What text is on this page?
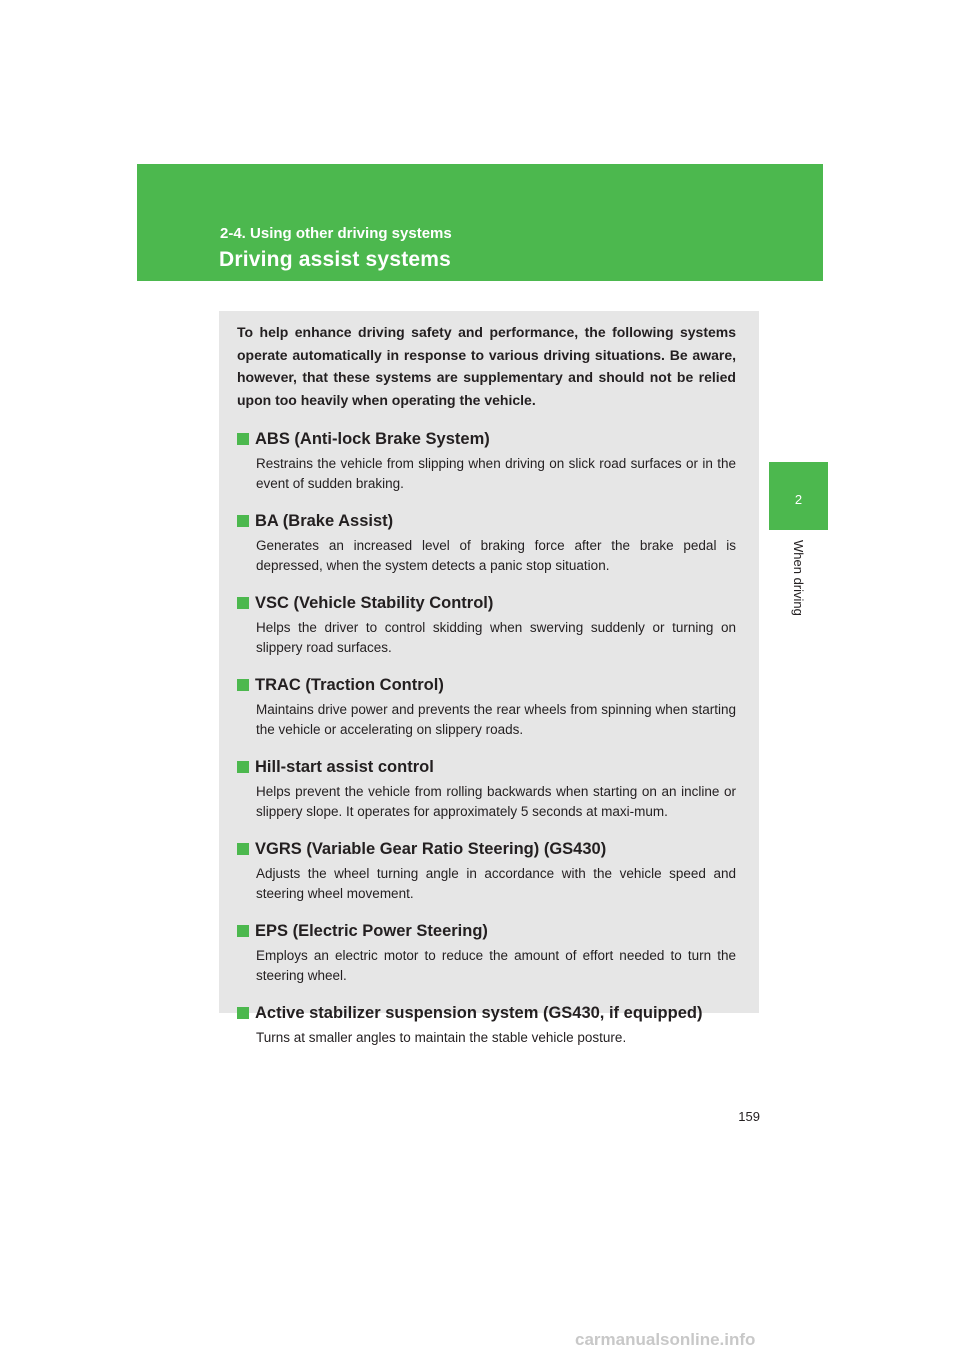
2-4. Using other driving systems
Driving assist systems
2
When driving

To help enhance driving safety and performance, the following systems operate automatically in response to various driving situations. Be aware, however, that these systems are supplementary and should not be relied upon too heavily when operating the vehicle.

ABS (Anti-lock Brake System)
Restrains the vehicle from slipping when driving on slick road surfaces or in the event of sudden braking.
BA (Brake Assist)
Generates an increased level of braking force after the brake pedal is depressed, when the system detects a panic stop situation.
VSC (Vehicle Stability Control)
Helps the driver to control skidding when swerving suddenly or turning on slippery road surfaces.
TRAC (Traction Control)
Maintains drive power and prevents the rear wheels from spinning when starting the vehicle or accelerating on slippery roads.
Hill-start assist control
Helps prevent the vehicle from rolling backwards when starting on an incline or slippery slope. It operates for approximately 5 seconds at maxi-mum.
VGRS (Variable Gear Ratio Steering) (GS430)
Adjusts the wheel turning angle in accordance with the vehicle speed and steering wheel movement.
EPS (Electric Power Steering)
Employs an electric motor to reduce the amount of effort needed to turn the steering wheel.
Active stabilizer suspension system (GS430, if equipped)
Turns at smaller angles to maintain the stable vehicle posture.
159
carmanualsonline.info
